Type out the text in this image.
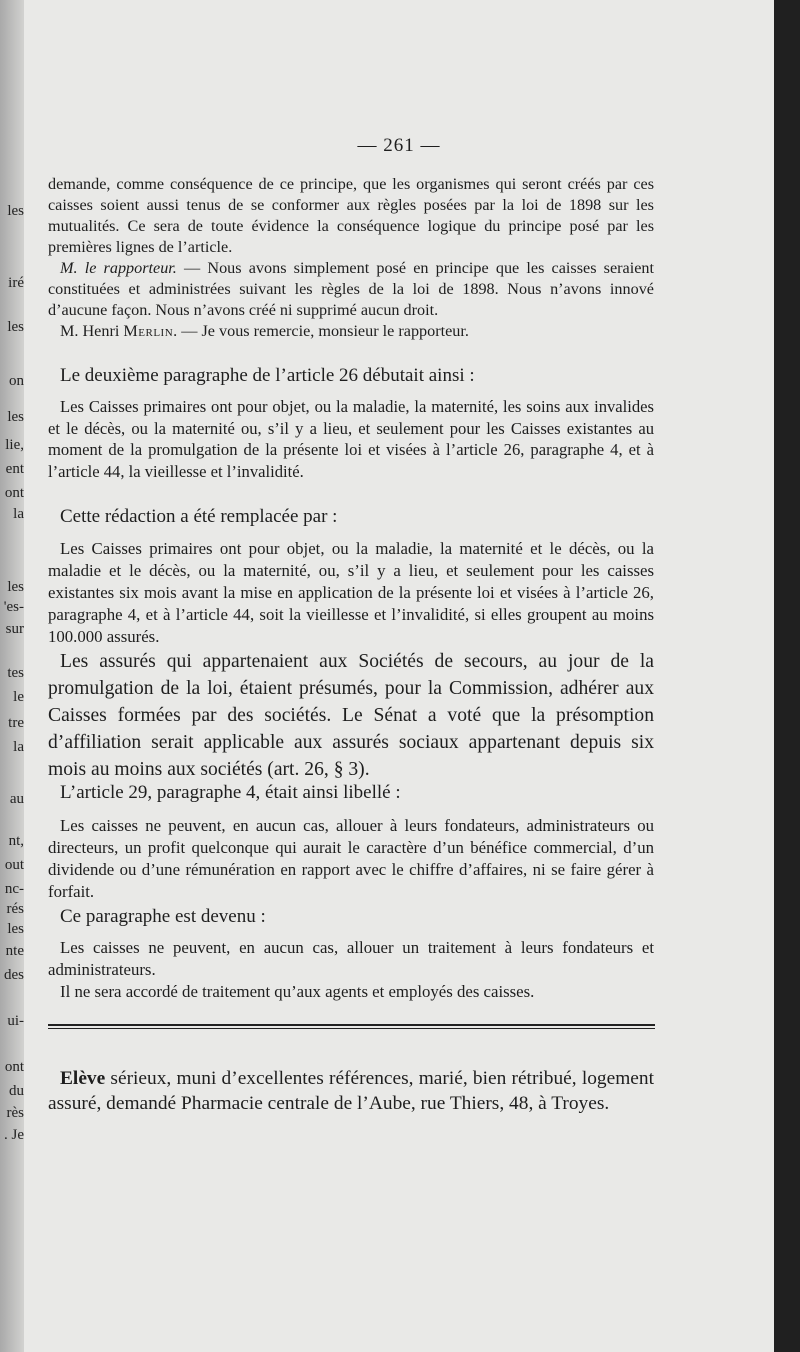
les
iré
les
on
les
lie,
ent
ont
la
les
'es-
sur
tes
le
tre
la
au
nt,
out
nc-
rés
les
nte
des
ui-
ont
du
rès
. Je
— 261 —

demande, comme conséquence de ce principe, que les organismes qui seront créés par ces caisses soient aussi tenus de se conformer aux règles posées par la loi de 1898 sur les mutualités. Ce sera de toute évidence la conséquence logique du principe posé par les premières lignes de l’article.

M. le rapporteur. — Nous avons simplement posé en principe que les caisses seraient constituées et administrées suivant les règles de la loi de 1898. Nous n’avons innové d’aucune façon. Nous n’avons créé ni supprimé aucun droit.

M. Henri Merlin. — Je vous remercie, monsieur le rapporteur.

Le deuxième paragraphe de l’article 26 débutait ainsi :

Les Caisses primaires ont pour objet, ou la maladie, la maternité, les soins aux invalides et le décès, ou la maternité ou, s’il y a lieu, et seulement pour les Caisses existantes au moment de la promulgation de la présente loi et visées à l’article 26, paragraphe 4, et à l’article 44, la vieillesse et l’invalidité.

Cette rédaction a été remplacée par :

Les Caisses primaires ont pour objet, ou la maladie, la maternité et le décès, ou la maladie et le décès, ou la maternité, ou, s’il y a lieu, et seulement pour les caisses existantes six mois avant la mise en application de la présente loi et visées à l’article 26, paragraphe 4, et à l’article 44, soit la vieillesse et l’invalidité, si elles groupent au moins 100.000 assurés.

Les assurés qui appartenaient aux Sociétés de secours, au jour de la promulgation de la loi, étaient présumés, pour la Commission, adhérer aux Caisses formées par des sociétés. Le Sénat a voté que la présomption d’affiliation serait applicable aux assurés sociaux appartenant depuis six mois au moins aux sociétés (art. 26, § 3).

L’article 29, paragraphe 4, était ainsi libellé :

Les caisses ne peuvent, en aucun cas, allouer à leurs fondateurs, administrateurs ou directeurs, un profit quelconque qui aurait le caractère d’un bénéfice commercial, d’un dividende ou d’une rémunération en rapport avec le chiffre d’affaires, ni se faire gérer à forfait.

Ce paragraphe est devenu :

Les caisses ne peuvent, en aucun cas, allouer un traitement à leurs fondateurs et administrateurs.

Il ne sera accordé de traitement qu’aux agents et employés des caisses.

Elève sérieux, muni d’excellentes références, marié, bien rétribué, logement assuré, demandé Pharmacie centrale de l’Aube, rue Thiers, 48, à Troyes.
